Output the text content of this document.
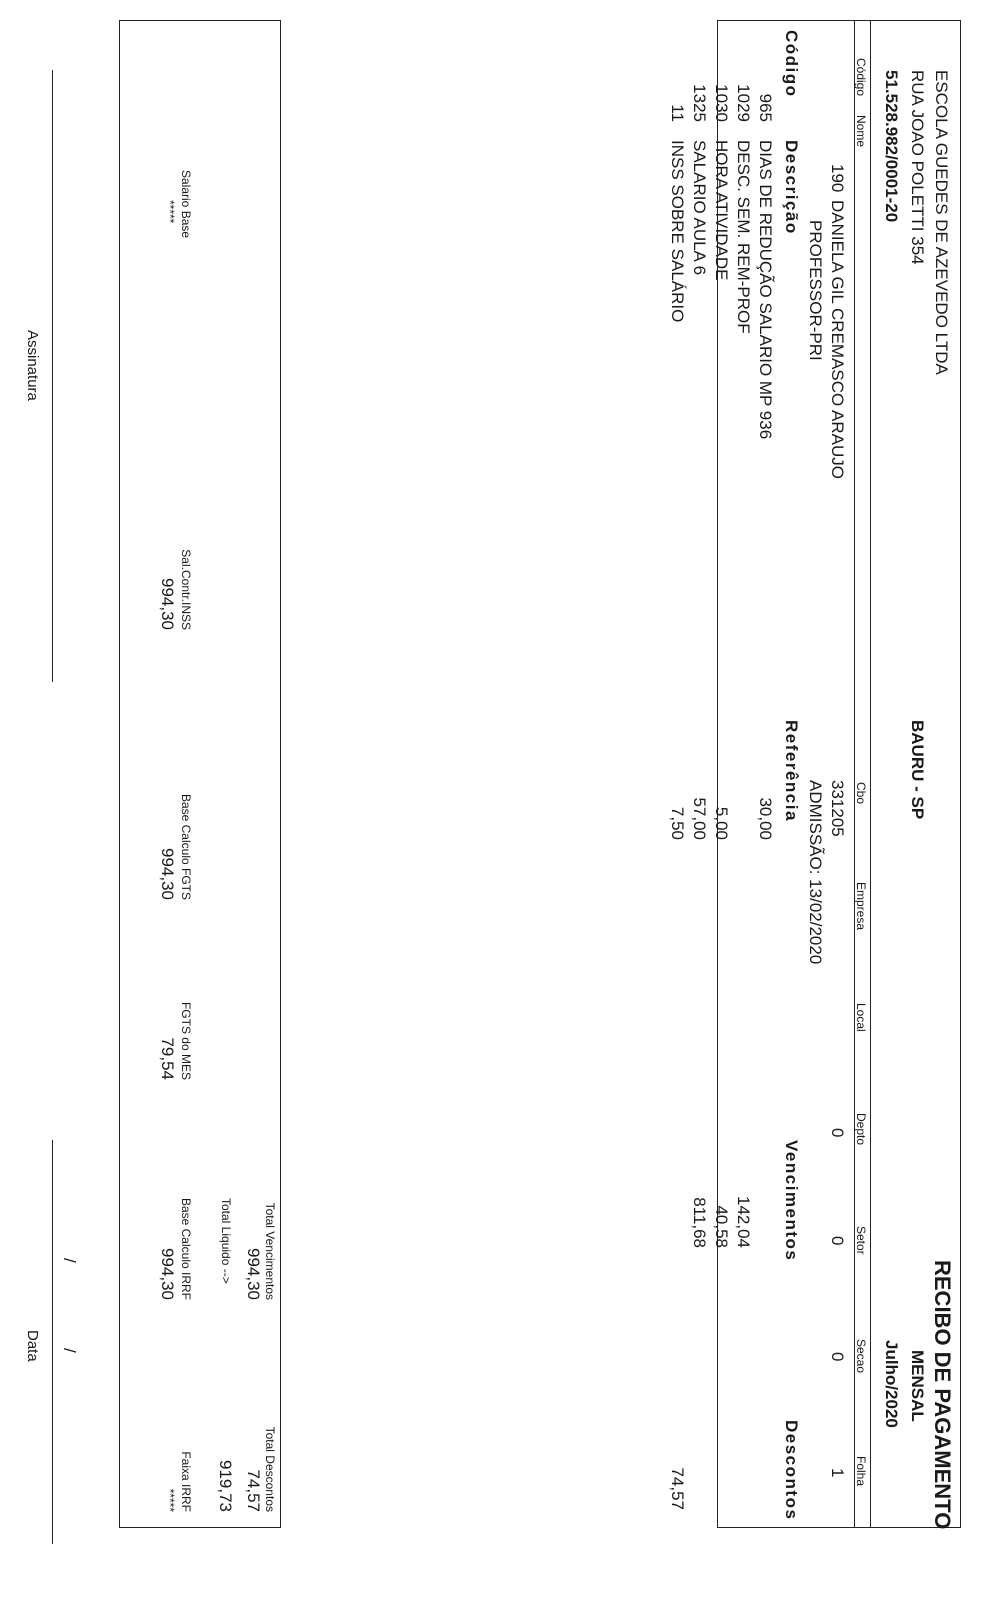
ESCOLA GUEDES DE AZEVEDO LTDA
RUA JOAO POLETTI 354
51.528.982/0001-20
BAURU - SP
RECIBO DE PAGAMENTO
MENSAL
Julho/2020
Código
Nome
Cbo
Empresa
Local
Depto
Setor
Secao
Folha
190
DANIELA GIL CREMASCO ARAUJO
PROFESSOR-PRI
331205
ADMISSÃO: 13/02/2020
0
0
0
1
Código
Descrição
Referência
Vencimentos
Descontos
965
DIAS DE REDUÇÃO SALARIO MP 936
30,00
1029
DESC. SEM. REM-PROF
142,04
1030
HORA ATIVIDADE
5,00
40,58
1325
SALARIO AULA 6
57,00
811,68
11
INSS SOBRE SALÁRIO
7,50
74,57
Total Vencimentos
994,30
Total Descontos
74,57
Total Liquido -->
919,73
Salario Base
*****
Sal.Contr.INSS
994,30
Base Calculo FGTS
994,30
FGTS do MES
79,54
Base Calculo IRRF
994,30
Faixa IRRF
*****
Assinatura
/
/
Data
